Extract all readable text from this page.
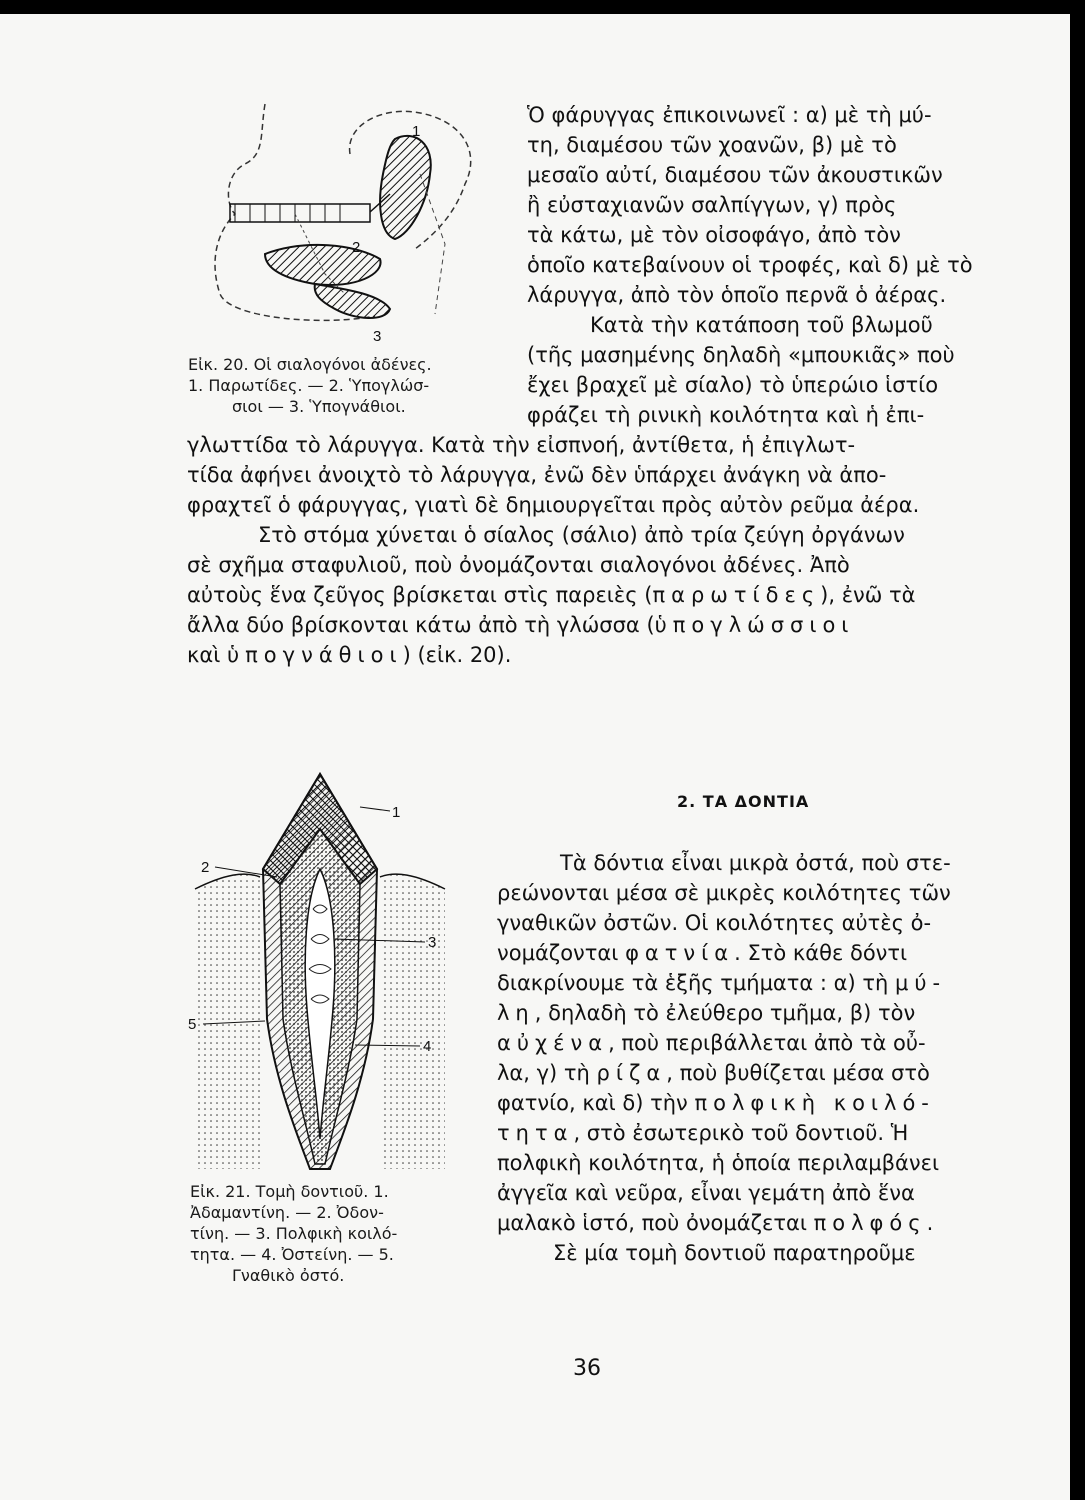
1
2
3
Εἰκ. 20. Οἱ σιαλογόνοι ἀδένες.
1. Παρωτίδες. — 2. Ὑπογλώσ-
σιοι — 3. Ὑπογνάθιοι.
Ὁ φάρυγγας ἐπικοινωνεῖ : α) μὲ τὴ μύ-
τη, διαμέσου τῶν χοανῶν, β) μὲ τὸ
μεσαῖο αὐτί, διαμέσου τῶν ἀκουστικῶν
ἢ εὐσταχιανῶν σαλπίγγων, γ) πρὸς
τὰ κάτω, μὲ τὸν οἰσοφάγο, ἀπὸ τὸν
ὁποῖο κατεβαίνουν οἱ τροφές, καὶ δ) μὲ τὸ
λάρυγγα, ἀπὸ τὸν ὁποῖο περνᾶ ὁ ἀέρας.
Κατὰ τὴν κατάποση τοῦ βλωμοῦ
(τῆς μασημένης δηλαδὴ «μπουκιᾶς» ποὺ
ἔχει βραχεῖ μὲ σίαλο) τὸ ὑπερώιο ἱστίο
φράζει τὴ ρινικὴ κοιλότητα καὶ ἡ ἐπι-
γλωττίδα τὸ λάρυγγα. Κατὰ τὴν εἰσπνοή, ἀντίθετα, ἡ ἐπιγλωτ-
τίδα ἀφήνει ἀνοιχτὸ τὸ λάρυγγα, ἐνῶ δὲν ὑπάρχει ἀνάγκη νὰ ἀπο-
φραχτεῖ ὁ φάρυγγας, γιατὶ δὲ δημιουργεῖται πρὸς αὐτὸν ρεῦμα ἀέρα.
Στὸ στόμα χύνεται ὁ σίαλος (σάλιο) ἀπὸ τρία ζεύγη ὀργάνων
σὲ σχῆμα σταφυλιοῦ, ποὺ ὀνομάζονται σιαλογόνοι ἀδένες. Ἀπὸ
αὐτοὺς ἕνα ζεῦγος βρίσκεται στὶς παρειὲς (παρωτίδες), ἐνῶ τὰ
ἄλλα δύο βρίσκονται κάτω ἀπὸ τὴ γλώσσα (ὑπογλώσσιοι
καὶ ὑπογνάθιοι) (εἰκ. 20).
1
2
3
4
5
Εἰκ. 21. Τομὴ δοντιοῦ. 1.
Ἀδαμαντίνη. — 2. Ὀδον-
τίνη. — 3. Πολφικὴ κοιλό-
τητα. — 4. Ὀστείνη. — 5.
Γναθικὸ ὀστό.
2. ΤΑ ΔΟΝΤΙΑ
Τὰ δόντια εἶναι μικρὰ ὀστά, ποὺ στε-
ρεώνονται μέσα σὲ μικρὲς κοιλότητες τῶν
γναθικῶν ὀστῶν. Οἱ κοιλότητες αὐτὲς ὀ-
νομάζονται φατνία. Στὸ κάθε δόντι
διακρίνουμε τὰ ἑξῆς τμήματα : α) τὴ μύ-
λη, δηλαδὴ τὸ ἐλεύθερο τμῆμα, β) τὸν
αὐχένα, ποὺ περιβάλλεται ἀπὸ τὰ οὖ-
λα, γ) τὴ ρίζα, ποὺ βυθίζεται μέσα στὸ
φατνίο, καὶ δ) τὴν πολφικὴ κοιλό-
τητα, στὸ ἐσωτερικὸ τοῦ δοντιοῦ. Ἡ
πολφικὴ κοιλότητα, ἡ ὁποία περιλαμβάνει
ἀγγεῖα καὶ νεῦρα, εἶναι γεμάτη ἀπὸ ἕνα
μαλακὸ ἱστό, ποὺ ὀνομάζεται πολφός.
Σὲ μία τομὴ δοντιοῦ παρατηροῦμε
36
